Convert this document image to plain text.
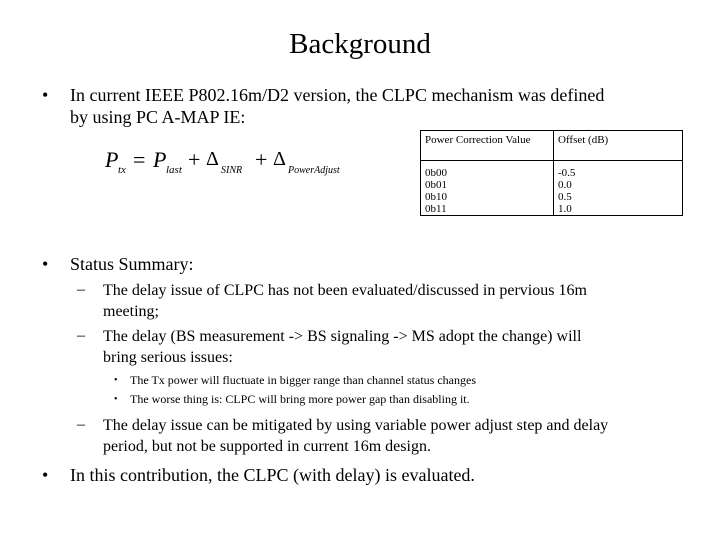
Background
• In current IEEE P802.16m/D2 version, the CLPC mechanism was defined
by using PC A-MAP IE:
P tx = P last + Δ
SINR + Δ
PowerAdjust
Power Correction Value	Offset (dB)
0b00	-0.5
0b01	0.0
0b10	0.5
0b11	1.0
• Status Summary:
– The delay issue of CLPC has not been evaluated/discussed in pervious 16m
meeting;
– The delay (BS measurement -> BS signaling -> MS adopt the change) will
bring serious issues:
• The Tx power will fluctuate in bigger range than channel status changes
• The worse thing is: CLPC will bring more power gap than disabling it.
– The delay issue can be mitigated by using variable power adjust step and delay
period, but not be supported in current 16m design.
• In this contribution, the CLPC (with delay) is evaluated.
